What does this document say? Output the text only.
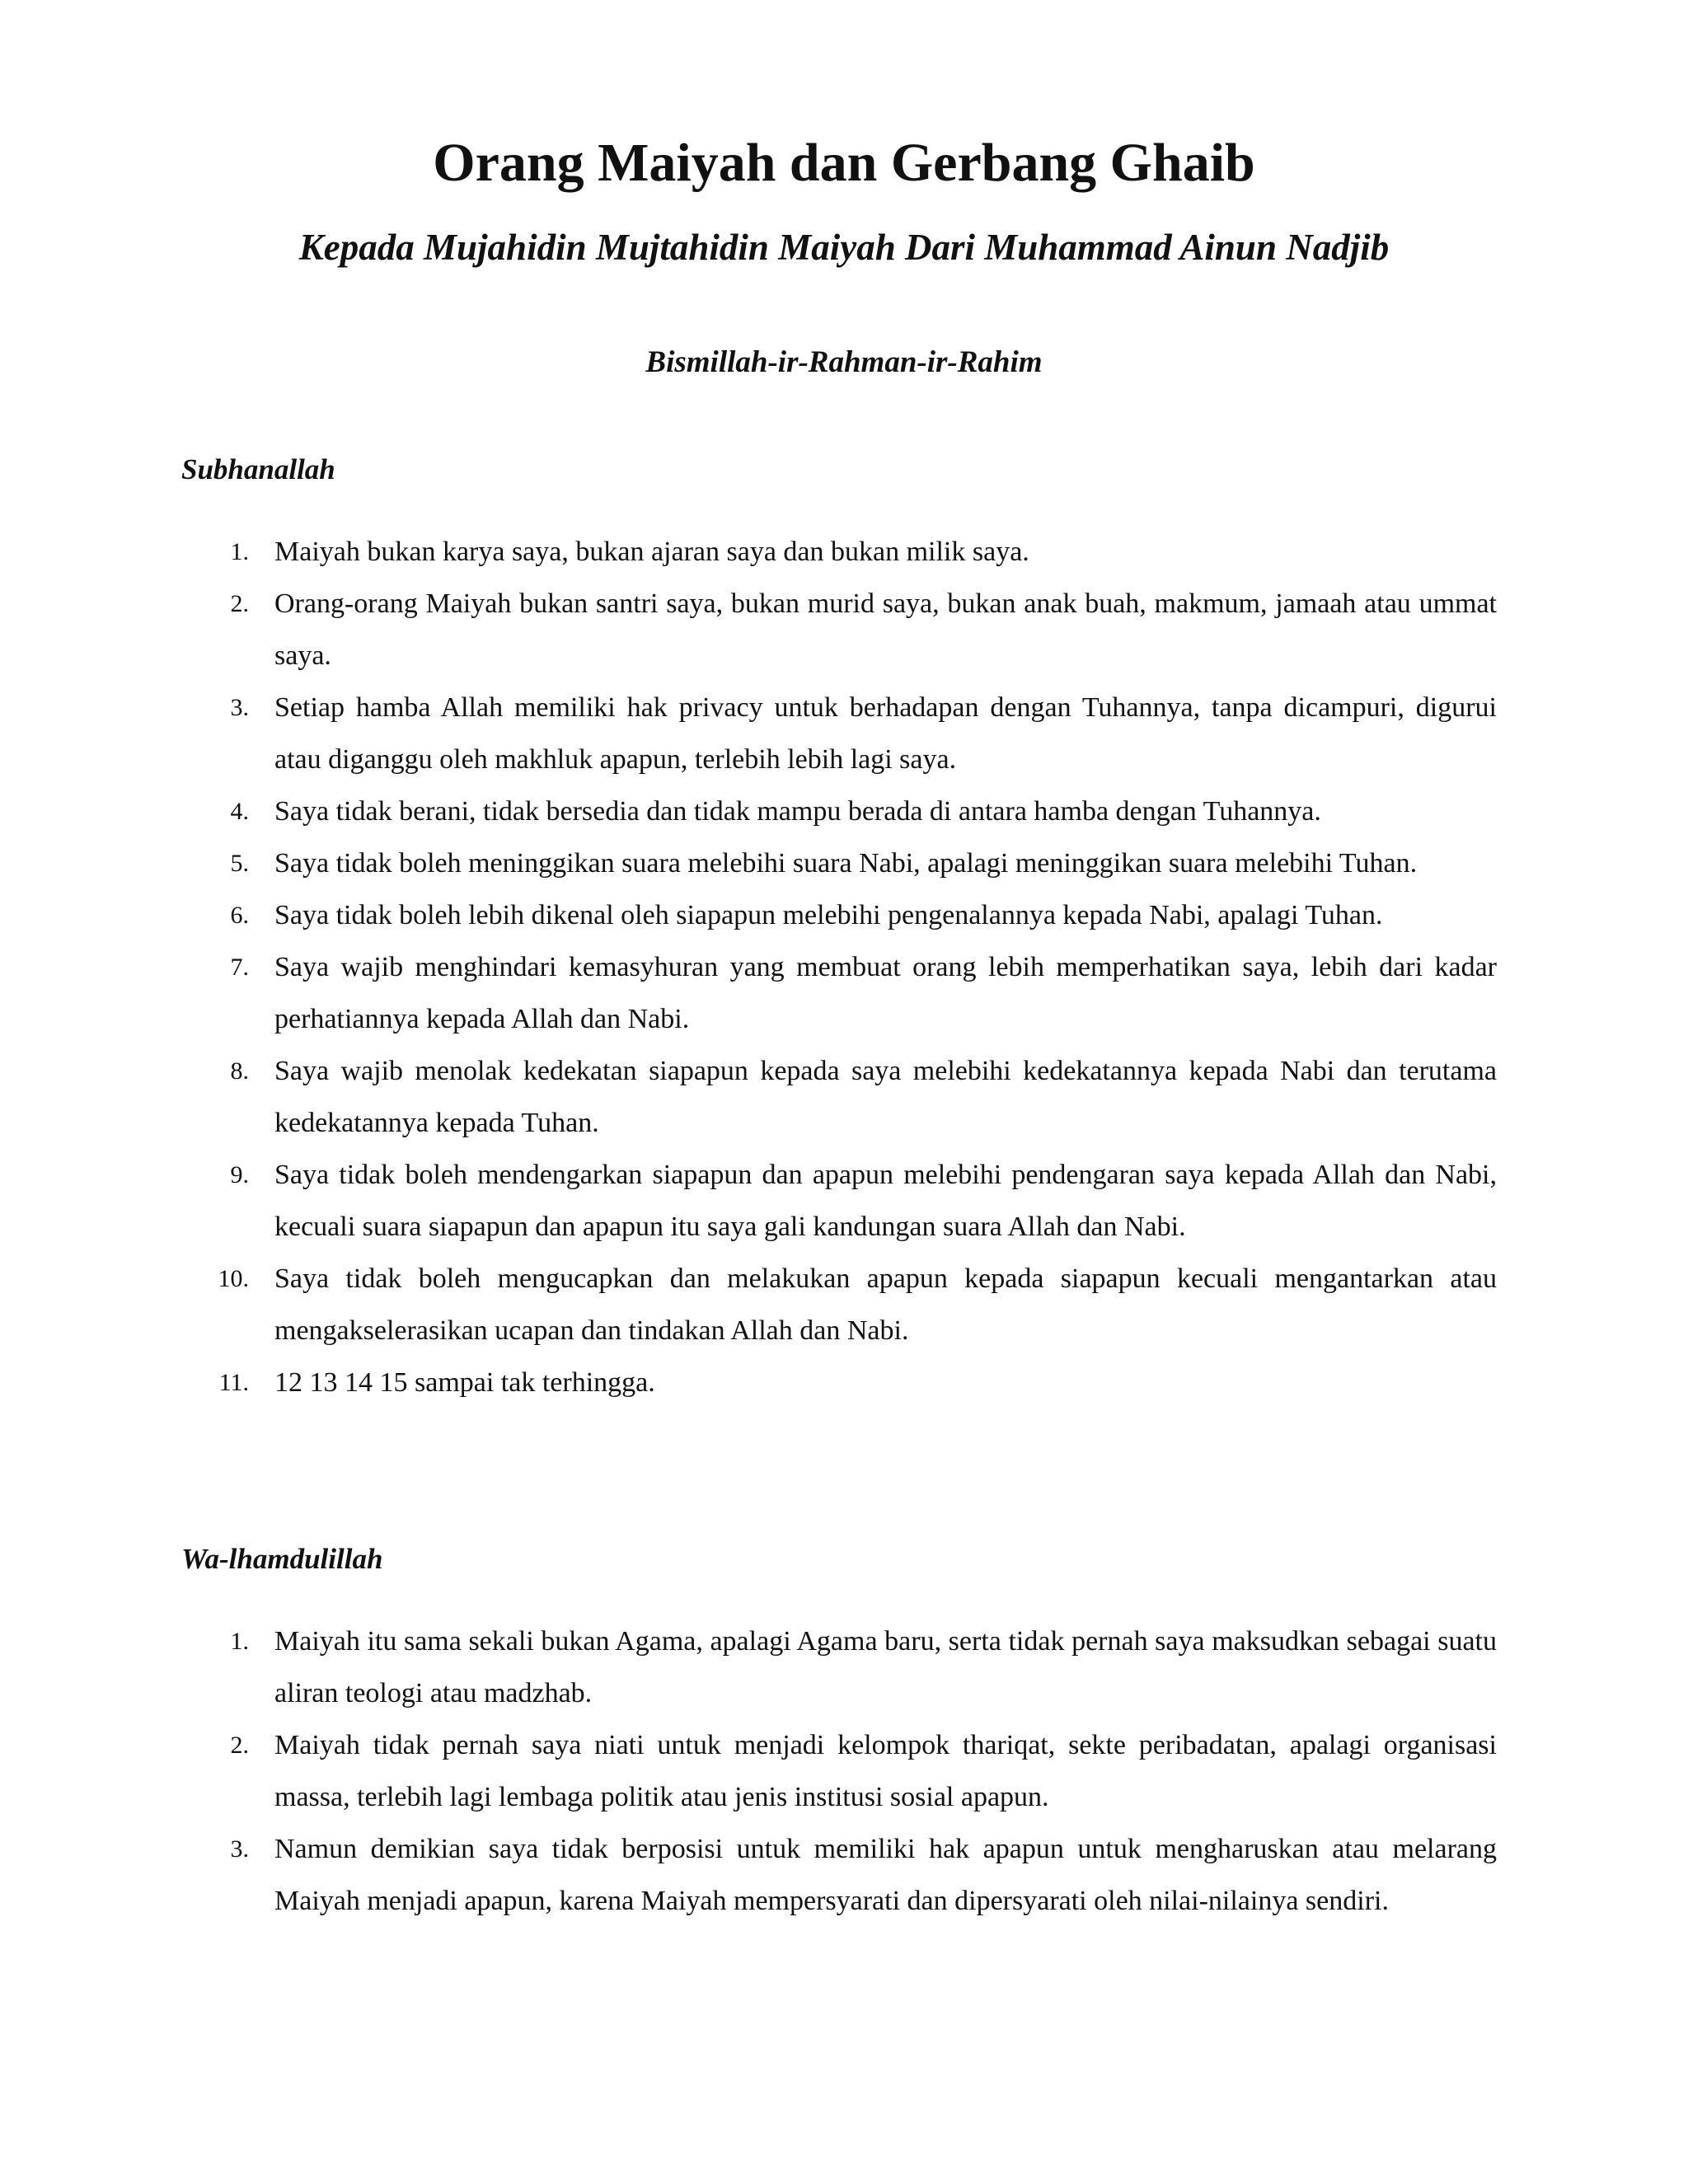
Orang Maiyah dan Gerbang Ghaib
Kepada Mujahidin Mujtahidin Maiyah Dari Muhammad Ainun Nadjib

Bismillah-ir-Rahman-ir-Rahim

Subhanallah
1. Maiyah bukan karya saya, bukan ajaran saya dan bukan milik saya.
2. Orang-orang Maiyah bukan santri saya, bukan murid saya, bukan anak buah, makmum, jamaah atau ummat saya.
3. Setiap hamba Allah memiliki hak privacy untuk berhadapan dengan Tuhannya, tanpa dicampuri, digurui atau diganggu oleh makhluk apapun, terlebih lebih lagi saya.
4. Saya tidak berani, tidak bersedia dan tidak mampu berada di antara hamba dengan Tuhannya.
5. Saya tidak boleh meninggikan suara melebihi suara Nabi, apalagi meninggikan suara melebihi Tuhan.
6. Saya tidak boleh lebih dikenal oleh siapapun melebihi pengenalannya kepada Nabi, apalagi Tuhan.
7. Saya wajib menghindari kemasyhuran yang membuat orang lebih memperhatikan saya, lebih dari kadar perhatiannya kepada Allah dan Nabi.
8. Saya wajib menolak kedekatan siapapun kepada saya melebihi kedekatannya kepada Nabi dan terutama kedekatannya kepada Tuhan.
9. Saya tidak boleh mendengarkan siapapun dan apapun melebihi pendengaran saya kepada Allah dan Nabi, kecuali suara siapapun dan apapun itu saya gali kandungan suara Allah dan Nabi.
10. Saya tidak boleh mengucapkan dan melakukan apapun kepada siapapun kecuali mengantarkan atau mengakselerasikan ucapan dan tindakan Allah dan Nabi.
11. 12 13 14 15 sampai tak terhingga.
Wa-lhamdulillah
1. Maiyah itu sama sekali bukan Agama, apalagi Agama baru, serta tidak pernah saya maksudkan sebagai suatu aliran teologi atau madzhab.
2. Maiyah tidak pernah saya niati untuk menjadi kelompok thariqat, sekte peribadatan, apalagi organisasi massa, terlebih lagi lembaga politik atau jenis institusi sosial apapun.
3. Namun demikian saya tidak berposisi untuk memiliki hak apapun untuk mengharuskan atau melarang Maiyah menjadi apapun, karena Maiyah mempersyarati dan dipersyarati oleh nilai-nilainya sendiri.
